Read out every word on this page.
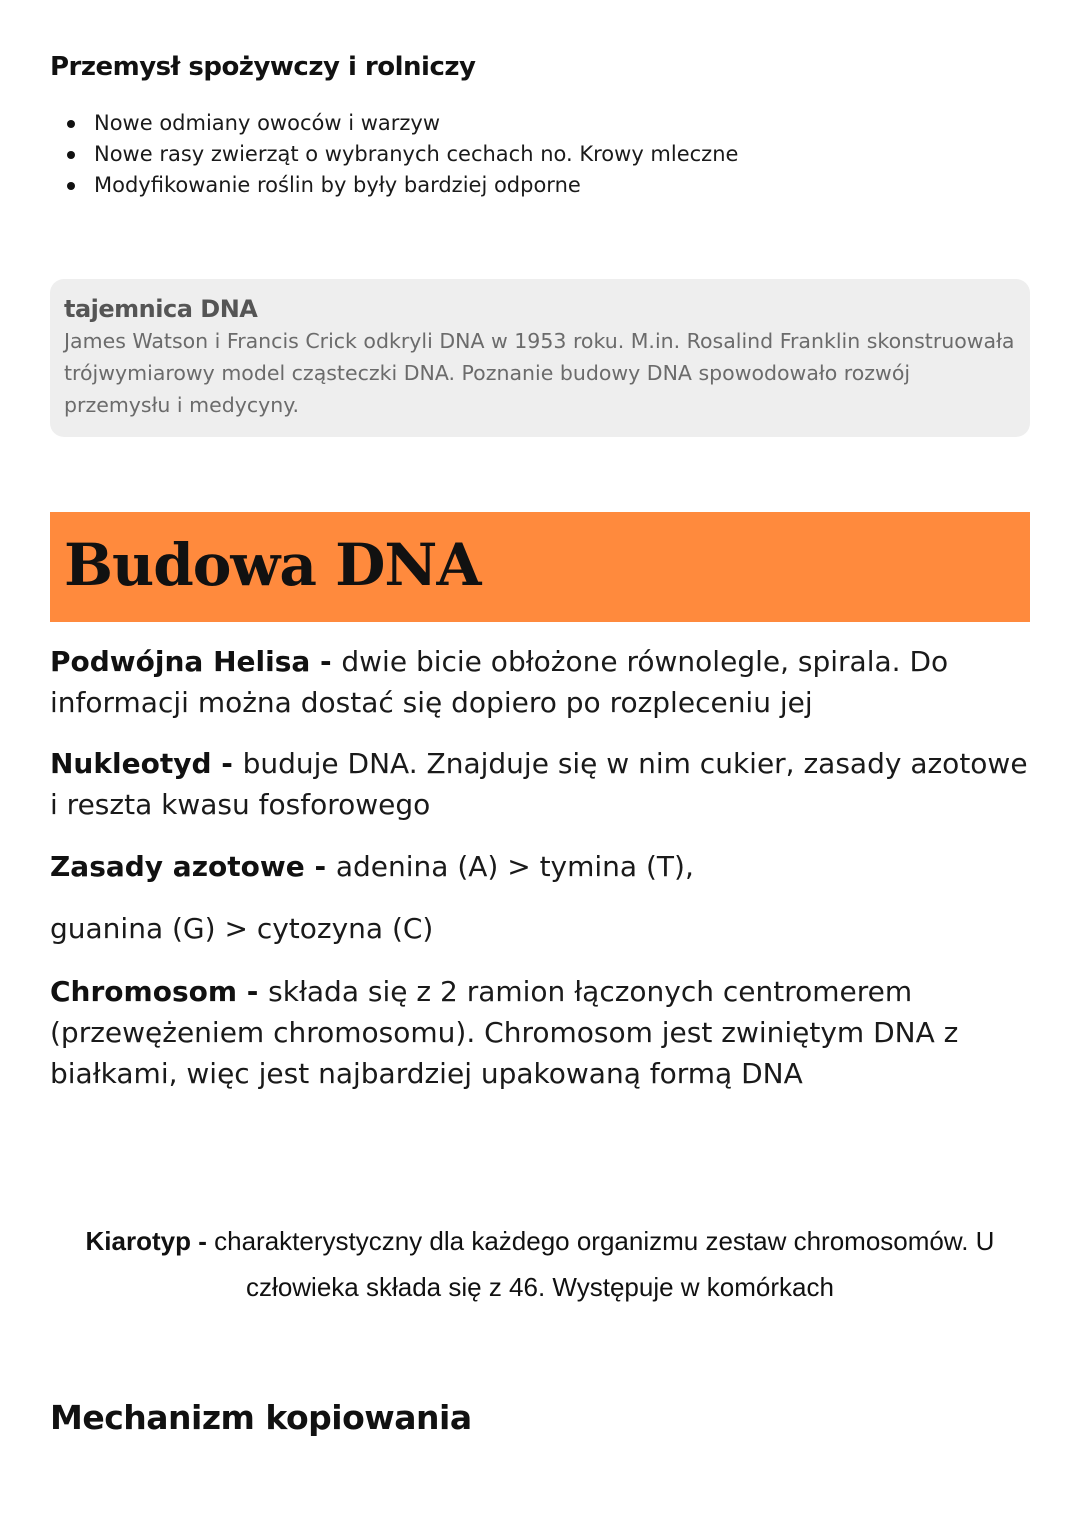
Przemysł spożywczy i rolniczy
Nowe odmiany owoców i warzyw
Nowe rasy zwierząt o wybranych cechach no. Krowy mleczne
Modyfikowanie roślin by były bardziej odporne
tajemnica DNA
James Watson i Francis Crick odkryli DNA w 1953 roku. M.in. Rosalind Franklin skonstruowała trójwymiarowy model cząsteczki DNA. Poznanie budowy DNA spowodowało rozwój przemysłu i medycyny.
Budowa DNA

Podwójna Helisa - dwie bicie obłożone równolegle, spirala. Do informacji można dostać się dopiero po rozpleceniu jej

Nukleotyd - buduje DNA. Znajduje się w nim cukier, zasady azotowe i reszta kwasu fosforowego

Zasady azotowe - adenina (A) > tymina (T),

guanina (G) > cytozyna (C)

Chromosom - składa się z 2 ramion łączonych centromerem (przewężeniem chromosomu). Chromosom jest zwiniętym DNA z białkami, więc jest najbardziej upakowaną formą DNA

Kiarotyp - charakterystyczny dla każdego organizmu zestaw chromosomów. U człowieka składa się z 46. Występuje w komórkach

Mechanizm kopiowania
